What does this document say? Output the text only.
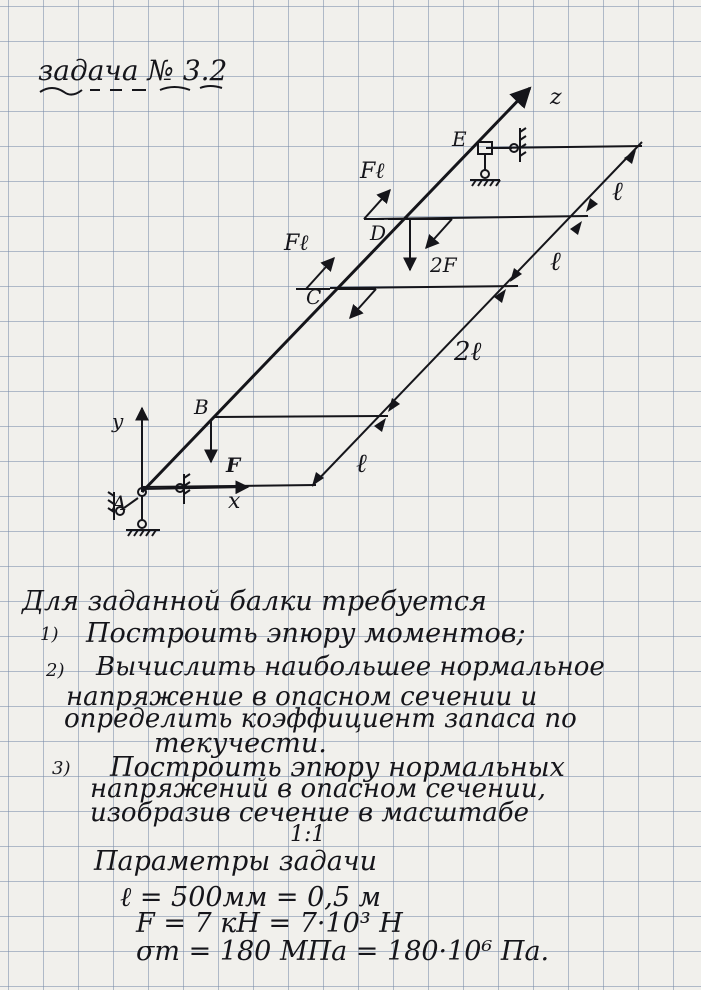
задача № 3.2
A
B
C
D
E
y
x
z
F
Fℓ
Fℓ
2F
ℓ
2ℓ
ℓ
ℓ
Для заданной балки требуется
1) Построить эпюру моментов;
2) Вычислить наибольшее нормальное
напряжение в опасном сечении и
определить коэффициент запаса по
текучести.
3) Построить эпюру нормальных
напряжений в опасном сечении,
изобразив сечение в масштабе
1:1
Параметры задачи
ℓ = 500мм = 0,5 м
F = 7 кН = 7·10³ Н
σт = 180 МПа = 180·10⁶ Па.
